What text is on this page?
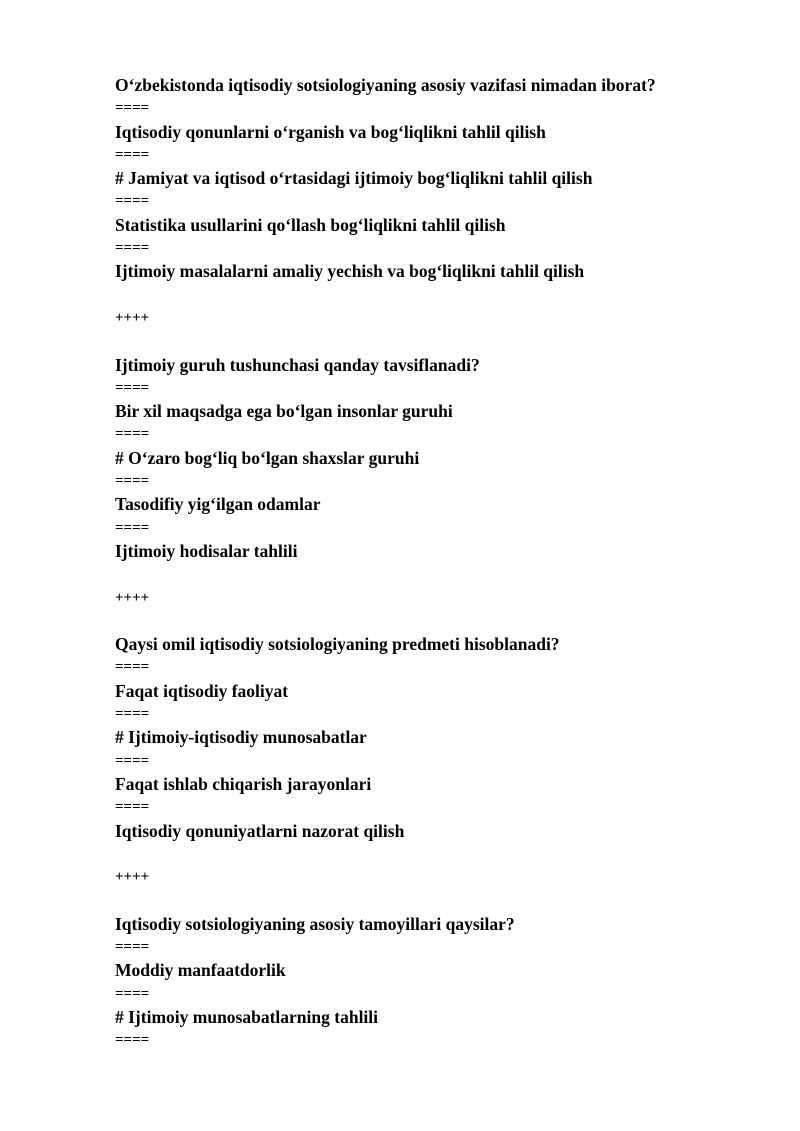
O‘zbekistonda iqtisodiy sotsiologiyaning asosiy vazifasi nimadan iborat?
====
Iqtisodiy qonunlarni o‘rganish va bog‘liqlikni tahlil qilish
====
# Jamiyat va iqtisod o‘rtasidagi ijtimoiy bog‘liqlikni tahlil qilish
====
Statistika usullarini qo‘llash bog‘liqlikni tahlil qilish
====
Ijtimoiy masalalarni amaliy yechish va bog‘liqlikni tahlil qilish
++++
Ijtimoiy guruh tushunchasi qanday tavsiflanadi?
====
Bir xil maqsadga ega bo‘lgan insonlar guruhi
====
# O‘zaro bog‘liq bo‘lgan shaxslar guruhi
====
Tasodifiy yig‘ilgan odamlar
====
Ijtimoiy hodisalar tahlili
++++
Qaysi omil iqtisodiy sotsiologiyaning predmeti hisoblanadi?
====
Faqat iqtisodiy faoliyat
====
# Ijtimoiy-iqtisodiy munosabatlar
====
Faqat ishlab chiqarish jarayonlari
====
Iqtisodiy qonuniyatlarni nazorat qilish
++++
Iqtisodiy sotsiologiyaning asosiy tamoyillari qaysilar?
====
Moddiy manfaatdorlik
====
# Ijtimoiy munosabatlarning tahlili
====
